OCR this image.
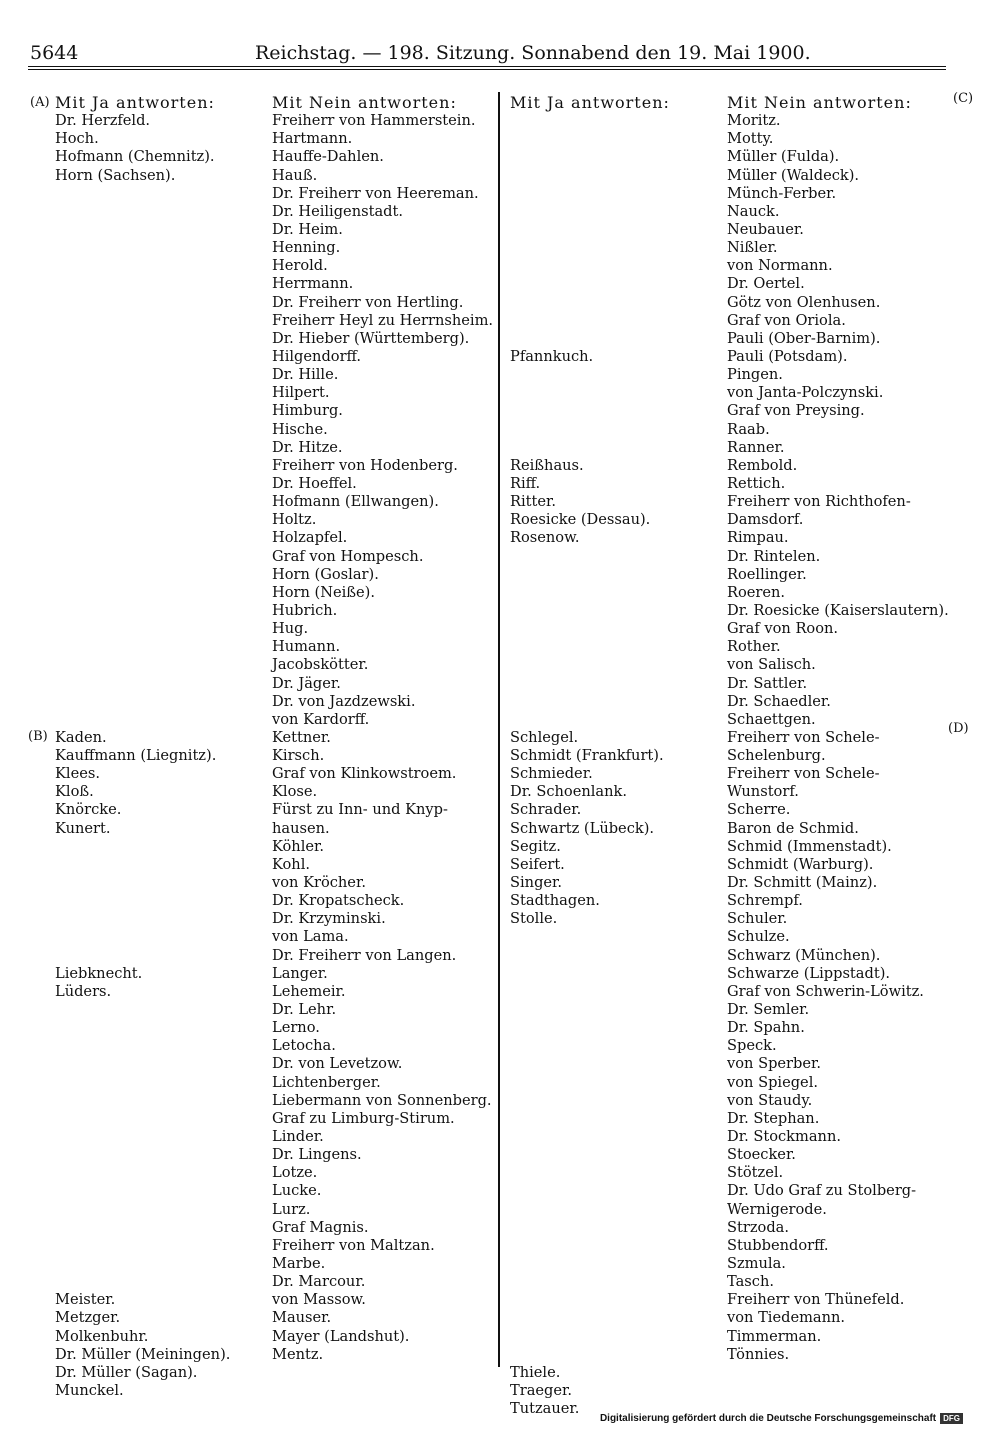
5644	Reichstag. — 198. Sitzung. Sonnabend den 19. Mai 1900.
(A)
(B)
(C)
(D)
Mit Ja antworten:
Dr. Herzfeld.
Hoch.
Hofmann (Chemnitz).
Horn (Sachsen).
Kaden.
Kauffmann (Liegnitz).
Klees.
Kloß.
Knörcke.
Kunert.
Liebknecht.
Lüders.
Meister.
Metzger.
Molkenbuhr.
Dr. Müller (Meiningen).
Dr. Müller (Sagan).
Munckel.
Mit Nein antworten:
Freiherr von Hammerstein.
Hartmann.
Hauffe-Dahlen.
Hauß.
Dr. Freiherr von Heereman.
Dr. Heiligenstadt.
Dr. Heim.
Henning.
Herold.
Herrmann.
Dr. Freiherr von Hertling.
Freiherr Heyl zu Herrnsheim.
Dr. Hieber (Württemberg).
Hilgendorff.
Dr. Hille.
Hilpert.
Himburg.
Hische.
Dr. Hitze.
Freiherr von Hodenberg.
Dr. Hoeffel.
Hofmann (Ellwangen).
Holtz.
Holzapfel.
Graf von Hompesch.
Horn (Goslar).
Horn (Neiße).
Hubrich.
Hug.
Humann.
Jacobskötter.
Dr. Jäger.
Dr. von Jazdzewski.
von Kardorff.
Kettner.
Kirsch.
Graf von Klinkowstroem.
Klose.
Fürst zu Inn- und Knyp-
hausen.
Köhler.
Kohl.
von Kröcher.
Dr. Kropatscheck.
Dr. Krzyminski.
von Lama.
Dr. Freiherr von Langen.
Langer.
Lehemeir.
Dr. Lehr.
Lerno.
Letocha.
Dr. von Levetzow.
Lichtenberger.
Liebermann von Sonnenberg.
Graf zu Limburg-Stirum.
Linder.
Dr. Lingens.
Lotze.
Lucke.
Lurz.
Graf Magnis.
Freiherr von Maltzan.
Marbe.
Dr. Marcour.
von Massow.
Mauser.
Mayer (Landshut).
Mentz.
Mit Ja antworten:
Pfannkuch.
Reißhaus.
Riff.
Ritter.
Roesicke (Dessau).
Rosenow.
Schlegel.
Schmidt (Frankfurt).
Schmieder.
Dr. Schoenlank.
Schrader.
Schwartz (Lübeck).
Segitz.
Seifert.
Singer.
Stadthagen.
Stolle.
Thiele.
Traeger.
Tutzauer.
Mit Nein antworten:
Moritz.
Motty.
Müller (Fulda).
Müller (Waldeck).
Münch-Ferber.
Nauck.
Neubauer.
Nißler.
von Normann.
Dr. Oertel.
Götz von Olenhusen.
Graf von Oriola.
Pauli (Ober-Barnim).
Pauli (Potsdam).
Pingen.
von Janta-Polczynski.
Graf von Preysing.
Raab.
Ranner.
Rembold.
Rettich.
Freiherr von Richthofen-
Damsdorf.
Rimpau.
Dr. Rintelen.
Roellinger.
Roeren.
Dr. Roesicke (Kaiserslautern).
Graf von Roon.
Rother.
von Salisch.
Dr. Sattler.
Dr. Schaedler.
Schaettgen.
Freiherr von Schele-
Schelenburg.
Freiherr von Schele-
Wunstorf.
Scherre.
Baron de Schmid.
Schmid (Immenstadt).
Schmidt (Warburg).
Dr. Schmitt (Mainz).
Schrempf.
Schuler.
Schulze.
Schwarz (München).
Schwarze (Lippstadt).
Graf von Schwerin-Löwitz.
Dr. Semler.
Dr. Spahn.
Speck.
von Sperber.
von Spiegel.
von Staudy.
Dr. Stephan.
Dr. Stockmann.
Stoecker.
Stötzel.
Dr. Udo Graf zu Stolberg-
Wernigerode.
Strzoda.
Stubbendorff.
Szmula.
Tasch.
Freiherr von Thünefeld.
von Tiedemann.
Timmerman.
Tönnies.
Digitalisierung gefördert durch die Deutsche Forschungsgemeinschaft DFG
